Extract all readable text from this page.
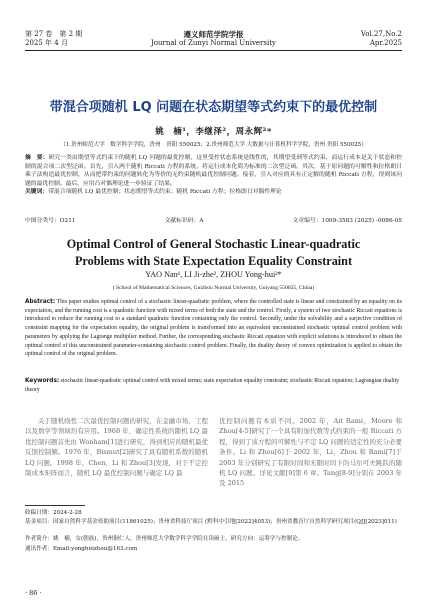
第 27 卷　第 2 期
2025 年 4 月
遵义师范学院学报
Journal of Zunyi Normal University
Vol.27,No.2
Apr.2025
带混合项随机 LQ 问题在状态期望等式约束下的最优控制
姚　楠¹，李继泽²，周永辉²*
（1.贵州师范大学　数学科学学院，贵州　贵阳 550025；2.贵州师范大学 大数据与计算机科学学院，贵州 贵阳 550025）
摘　要：研究一类由期望等式约束下的随机 LQ 问题的最优控制，这里受控状态系统是线性的，其期望受到等式约束，而运行成本是关于状态和控制的混合项二次型泛函。首先，引入两个随机 Riccati 方程的系统，将运行成本化简为标准的二次型泛函。其次，基于原问题的可解性和拉格朗日乘子法构造最优控制，从而把带约束的问题转化为等价的无约束随机最优控制问题。接着，引入对应的具有正定解的随机 Riccati 方程，得到该问题的最优控制。最后，应用凸对偶理论进一步验证了结果。
关键词：带混合项随机 LQ 最优控制；状态期望等式约束；随机 Riccati 方程；拉格朗日对偶性理论
中图分类号：O211	文献标识码：A	文章编号：1009-3583 (2025) -0086-05
Optimal Control of General Stochastic Linear-quadratic
Problems with State Expectation Equality Constraint
YAO Nan¹, LI Ji-zhe², ZHOU Yong-hui²*
( School of Mathematical Sciences, Guizhou Normal University, Guiyang 550025, China)
Abstract: This paper studies optimal control of a stochastic linear-quadratic problem, where the controlled state is linear and constrained by an equality on its expectation, and the running cost is a quadratic function with mixed terms of both the state and the control. Firstly, a system of two stochastic Riccati equations is introduced to reduce the running cost to a standard quadratic function containing only the control. Secondly, under the solvability and a surjective condition of constraint mapping for the expectation equality, the original problem is transformed into an equivalent unconstrained stochastic optimal control problem with parameters by applying the Lagrange multiplier method. Further, the corresponding stochastic Riccati equation with explicit solutions is introduced to obtain the optimal control of this unconstrained parameter-containing stochastic control problem. Finally, the duality theory of convex optimization is applied to obtain the optimal control of the original problem.
Keywords: stochastic linear-quadratic optimal control with mixed terms; state expectation equality constraint; stochastic Riccati equation; Lagrangian duality theory

关于随机线性二次最优控制问题的研究，在金融市场、工程以及数学等领域均有应用。1968 年，确定性系统的随机 LQ 最优控制问题首先由 Wonham[1]进行研究，得到相应的随机最优反馈控制解。1976 年，Bismut[2]研究了具有随机系数的随机 LQ 问题。1998 年，Chen，Li 和 Zhou[3]发现，对于不定控制成本矩阵而言，随机 LQ 最优控制问题与确定 LQ 最

优控制问题有本质不同。2002 年，Ait Rami，Moore 和 Zhou[4-5]研究了一个具有附加代数等式约束的一般 Riccati 方程，得到了该方程的可解性与不定 LQ 问题的适定性的充分必要条件。Li 和 Zhou[6]于 2002 年，Li，Zhou 和 Rami[7]于 2003 年分别研究了有限时间和无限时间下的马尔可夫跳跃的随机 LQ 问题。详见文献[9]第 6 章。Tang[8-9]分别在 2003 年及 2015

收稿日期：2024-2-28
基金项目：国家自然科学基金资助项目(11861025)；贵州省科技厅项目 (黔科中引地[2022]4053)；贵州省教育厅自然科学研究项目(QJJ[2023]011)
作者简介：姚　楠，女(朝族)，贵州铜仁人，贵州师范大学数学科学学院在读硕士，研究方向：运筹学与控制论。
通讯作者：Email:yonghuizhou@163.com
· 86 ·
